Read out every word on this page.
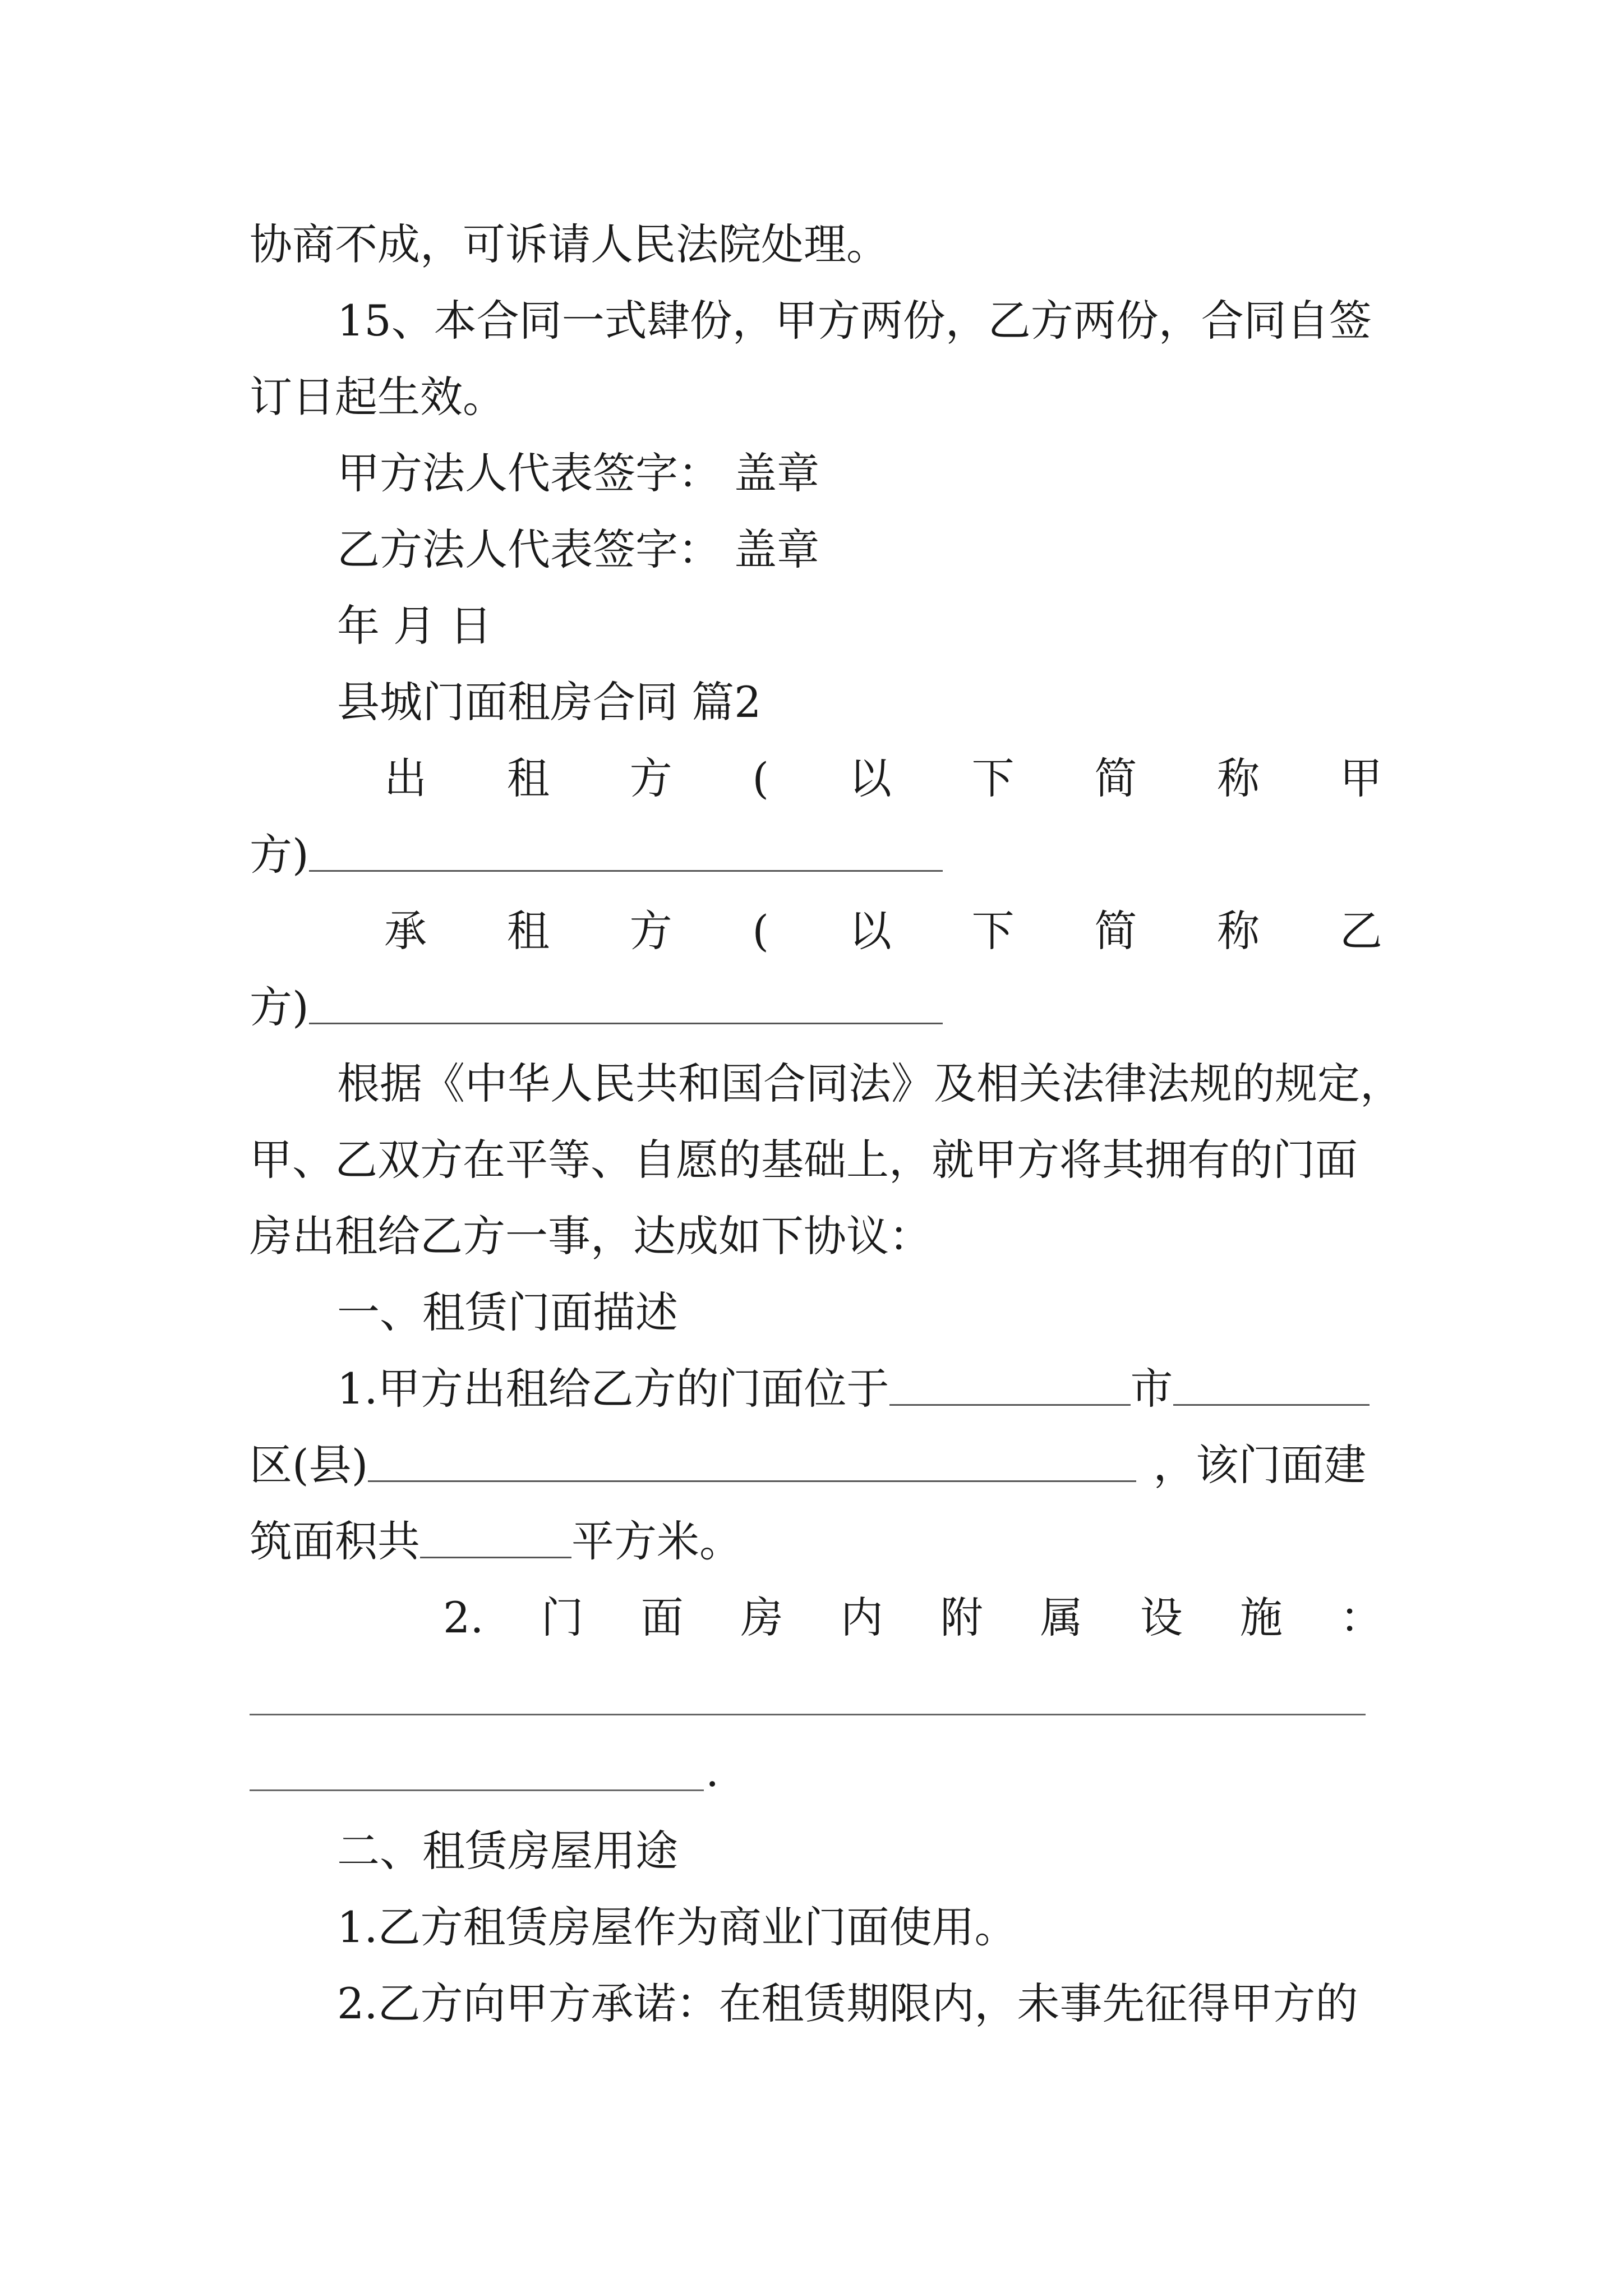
协商不成，可诉请人民法院处理。
15、本合同一式肆份，甲方两份，乙方两份，合同自签
订日起生效。
甲方法人代表签字： 盖章
乙方法人代表签字： 盖章
年 月 日
县城门面租房合同 篇2
出 租 方 ( 以 下 简 称 甲
方)
承 租 方 ( 以 下 简 称 乙
方)
根据《中华人民共和国合同法》及相关法律法规的规定，
甲、乙双方在平等、自愿的基础上，就甲方将其拥有的门面
房出租给乙方一事，达成如下协议：
一、租赁门面描述
1.甲方出租给乙方的门面位于	市
区(县)	，该门面建
筑面积共	平方米。
2. 门 面 房 内 附 属 设 施 ：
.
二、租赁房屋用途
1.乙方租赁房屋作为商业门面使用。
2.乙方向甲方承诺：在租赁期限内，未事先征得甲方的
